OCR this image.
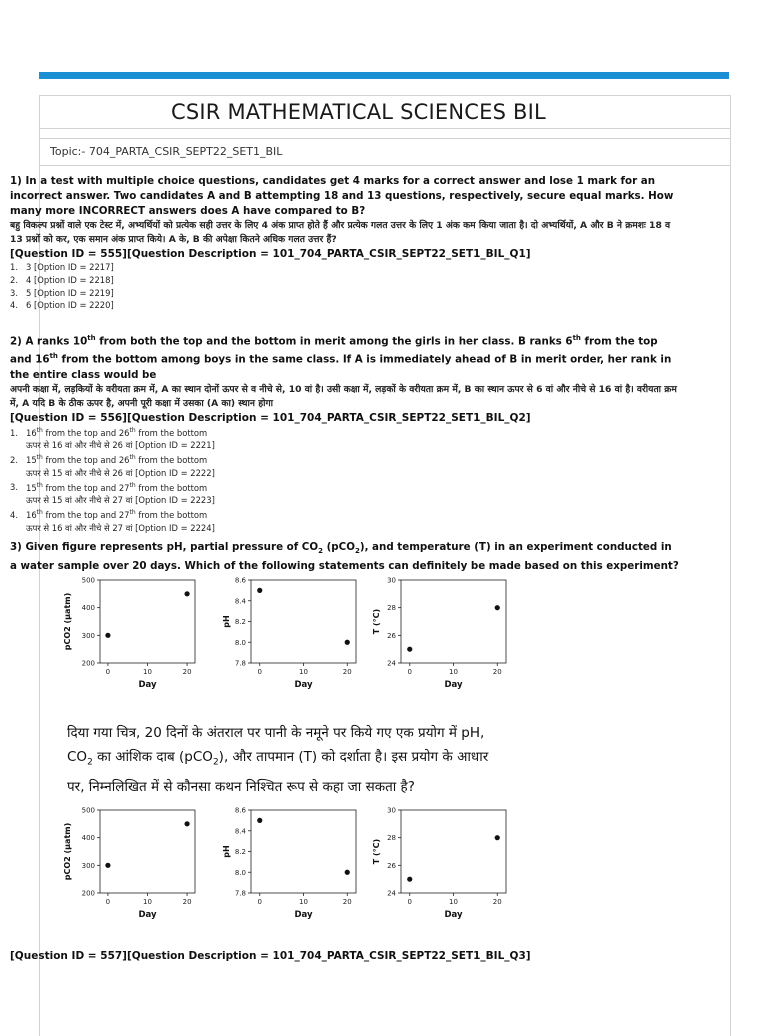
CSIR MATHEMATICAL SCIENCES BIL
Topic:- 704_PARTA_CSIR_SEPT22_SET1_BIL
1) In a test with multiple choice questions, candidates get 4 marks for a correct answer and lose 1 mark for an incorrect answer. Two candidates A and B attempting 18 and 13 questions, respectively, secure equal marks. How many more INCORRECT answers does A have compared to B?
बहु विकल्प प्रश्नों वाले एक टेस्ट में, अभ्यर्थियों को प्रत्येक सही उत्तर के लिए 4 अंक प्राप्त होते हैं और प्रत्येक गलत उत्तर के लिए 1 अंक कम किया जाता है। दो अभ्यर्थियों, A और B ने क्रमशः 18 व 13 प्रश्नों को कर, एक समान अंक प्राप्त किये। A के, B की अपेक्षा कितने अधिक गलत उत्तर हैं?
[Question ID = 555][Question Description = 101_704_PARTA_CSIR_SEPT22_SET1_BIL_Q1]
1. 3 [Option ID = 2217]
2. 4 [Option ID = 2218]
3. 5 [Option ID = 2219]
4. 6 [Option ID = 2220]
2) A ranks 10th from both the top and the bottom in merit among the girls in her class. B ranks 6th from the top and 16th from the bottom among boys in the same class. If A is immediately ahead of B in merit order, her rank in the entire class would be
अपनी कक्षा में, लड़कियों के वरीयता क्रम में, A का स्थान दोनों ऊपर से व नीचे से, 10 वां है। उसी कक्षा में, लड़कों के वरीयता क्रम में, B का स्थान ऊपर से 6 वां और नीचे से 16 वां है। वरीयता क्रम में, A यदि B के ठीक ऊपर है, अपनी पूरी कक्षा में उसका (A का) स्थान होगा
[Question ID = 556][Question Description = 101_704_PARTA_CSIR_SEPT22_SET1_BIL_Q2]
1. 16th from the top and 26th from the bottom
ऊपर से 16 वां और नीचे से 26 वां [Option ID = 2221]
2. 15th from the top and 26th from the bottom
ऊपर से 15 वां और नीचे से 26 वां [Option ID = 2222]
3. 15th from the top and 27th from the bottom
ऊपर से 15 वां और नीचे से 27 वां [Option ID = 2223]
4. 16th from the top and 27th from the bottom
ऊपर से 16 वां और नीचे से 27 वां [Option ID = 2224]
3) Given figure represents pH, partial pressure of $CO_2$ (pCO$_2$), and temperature (T) in an experiment conducted in a water sample over 20 days. Which of the following statements can definitely be made based on this experiment?
200
300
400
500
0	10	20
Day
pCO2 (µatm)
7.8
8.0
8.2
8.4
8.6
0	10	20
Day
pH
24
26
28
30
0	10	20
Day
T (°C)
दिया गया चित्र, 20 दिनों के अंतराल पर पानी के नमूने पर किये गए एक प्रयोग में pH,
$CO_2$ का आंशिक दाब (pCO$_2$), और तापमान (T) को दर्शाता है। इस प्रयोग के आधार
पर, निम्नलिखित में से कौनसा कथन निश्चित रूप से कहा जा सकता है?
200
300
400
500
0	10	20
Day
pCO2 (µatm)
7.8
8.0
8.2
8.4
8.6
0	10	20
Day
pH
24
26
28
30
0	10	20
Day
T (°C)
[Question ID = 557][Question Description = 101_704_PARTA_CSIR_SEPT22_SET1_BIL_Q3]
